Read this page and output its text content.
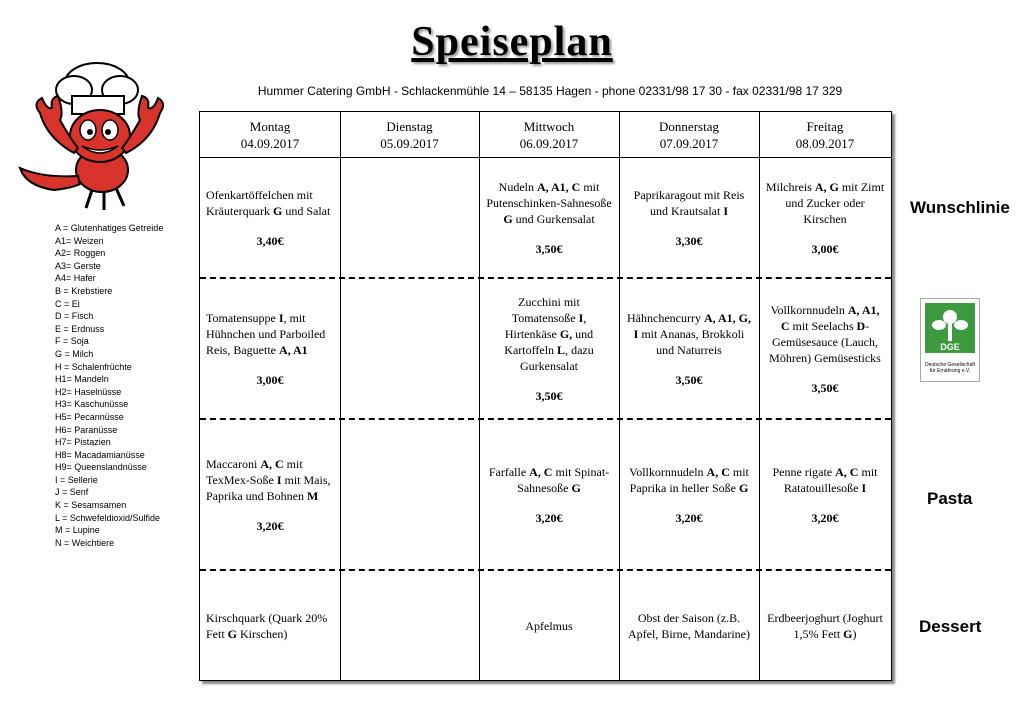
Speiseplan
Hummer Catering GmbH - Schlackenmühle 14 – 58135 Hagen - phone 02331/98 17 30 - fax 02331/98 17 329
A = Glutenhatiges Getreide
A1= Weizen
A2= Roggen
A3= Gerste
A4= Hafer
B = Krebstiere
C = Ei
D = Fisch
E = Erdnuss
F = Soja
G = Milch
H = Schalenfrüchte
H1= Mandeln
H2= Haselnüsse
H3= Kaschunüsse
H5= Pecannüsse
H6= Paranüsse
H7= Pistazien
H8= Macadamianüsse
H9= Queenslandnüsse
I = Sellerie
J = Senf
K = Sesamsamen
L = Schwefeldioxid/Sulfide
M = Lupine
N = Weichtiere
Montag
04.09.2017
Dienstag
05.09.2017
Mittwoch
06.09.2017
Donnerstag
07.09.2017
Freitag
08.09.2017
Ofenkartöffelchen mit Kräuterquark G und Salat
3,40€
Nudeln A, A1, C mit Putenschinken-Sahnesoße G und Gurkensalat
3,50€
Paprikaragout mit Reis und Krautsalat I
3,30€
Milchreis A, G mit Zimt und Zucker oder Kirschen
3,00€
Tomatensuppe I, mit Hühnchen und Parboiled Reis, Baguette A, A1
3,00€
Zucchini mit Tomatensoße I, Hirtenkäse G, und Kartoffeln L, dazu Gurkensalat
3,50€
Hähnchencurry A, A1, G, I mit Ananas, Brokkoli und Naturreis
3,50€
Vollkornnudeln A, A1, C mit Seelachs D-Gemüsesauce (Lauch, Möhren) Gemüsesticks
3,50€
Maccaroni A, C mit TexMex-Soße I mit Mais, Paprika und Bohnen M
3,20€
Farfalle A, C mit Spinat-Sahnesoße G
3,20€
Vollkornnudeln A, C mit Paprika in heller Soße G
3,20€
Penne rigate A, C mit Ratatouillesoße I
3,20€
Kirschquark (Quark 20% Fett G Kirschen)
Apfelmus
Obst der Saison (z.B. Apfel, Birne, Mandarine)
Erdbeerjoghurt (Joghurt 1,5% Fett G)
Wunschlinie
Pasta
Dessert
DGE
Deutsche Gesellschaft für Ernährung e.V.
